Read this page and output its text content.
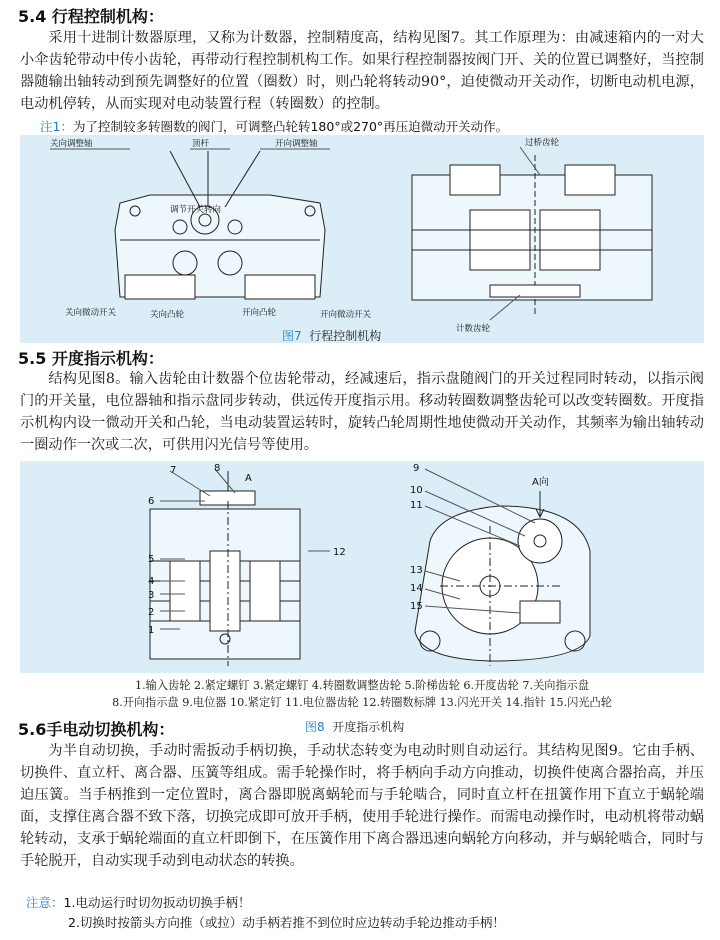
5.4 行程控制机构：
采用十进制计数器原理，又称为计数器，控制精度高，结构见图7。其工作原理为：由减速箱内的一对大小伞齿轮带动中传小齿轮，再带动行程控制机构工作。如果行程控制器按阀门开、关的位置已调整好，当控制器随输出轴转动到预先调整好的位置（圈数）时，则凸轮将转动90°，迫使微动开关动作，切断电动机电源，电动机停转，从而实现对电动装置行程（转圈数）的控制。
注1：为了控制较多转圈数的阀门，可调整凸轮转180°或270°再压迫微动开关动作。
关向调整轴	顶杆	开向调整轴
调节开关转向
关向微动开关	关向凸轮	开向凸轮	开向微动开关
过桥齿轮
计数齿轮
图7 行程控制机构
5.5 开度指示机构：
结构见图8。输入齿轮由计数器个位齿轮带动，经减速后，指示盘随阀门的开关过程同时转动，以指示阀门的开关量，电位器轴和指示盘同步转动，供远传开度指示用。移动转圈数调整齿轮可以改变转圈数。开度指示机构内设一微动开关和凸轮，当电动装置运转时，旋转凸轮周期性地使微动开关动作，其频率为输出轴转动一圈动作一次或二次，可供用闪光信号等使用。
A	A向
1
2
3
4
5
6
7	8	9
10
11
12
13
14
15
1.输入齿轮 2.紧定螺钉 3.紧定螺钉 4.转圈数调整齿轮 5.阶梯齿轮 6.开度齿轮 7.关向指示盘
8.开向指示盘 9.电位器 10.紧定钉 11.电位器齿轮 12.转圈数标牌 13.闪光开关 14.指针 15.闪光凸轮
5.6手电动切换机构：	图8 开度指示机构
为半自动切换，手动时需扳动手柄切换，手动状态转变为电动时则自动运行。其结构见图9。它由手柄、切换件、直立杆、离合器、压簧等组成。需手轮操作时，将手柄向手动方向推动，切换件使离合器抬高，并压迫压簧。当手柄推到一定位置时，离合器即脱离蜗轮而与手轮啮合，同时直立杆在扭簧作用下直立于蜗轮端面，支撑住离合器不致下落，切换完成即可放开手柄，使用手轮进行操作。而需电动操作时，电动机将带动蜗轮转动，支承于蜗轮端面的直立杆即倒下，在压簧作用下离合器迅速向蜗轮方向移动，并与蜗轮啮合，同时与手轮脱开，自动实现手动到电动状态的转换。
注意：1.电动运行时切勿扳动切换手柄！
2.切换时按箭头方向推（或拉）动手柄若推不到位时应边转动手轮边推动手柄！
